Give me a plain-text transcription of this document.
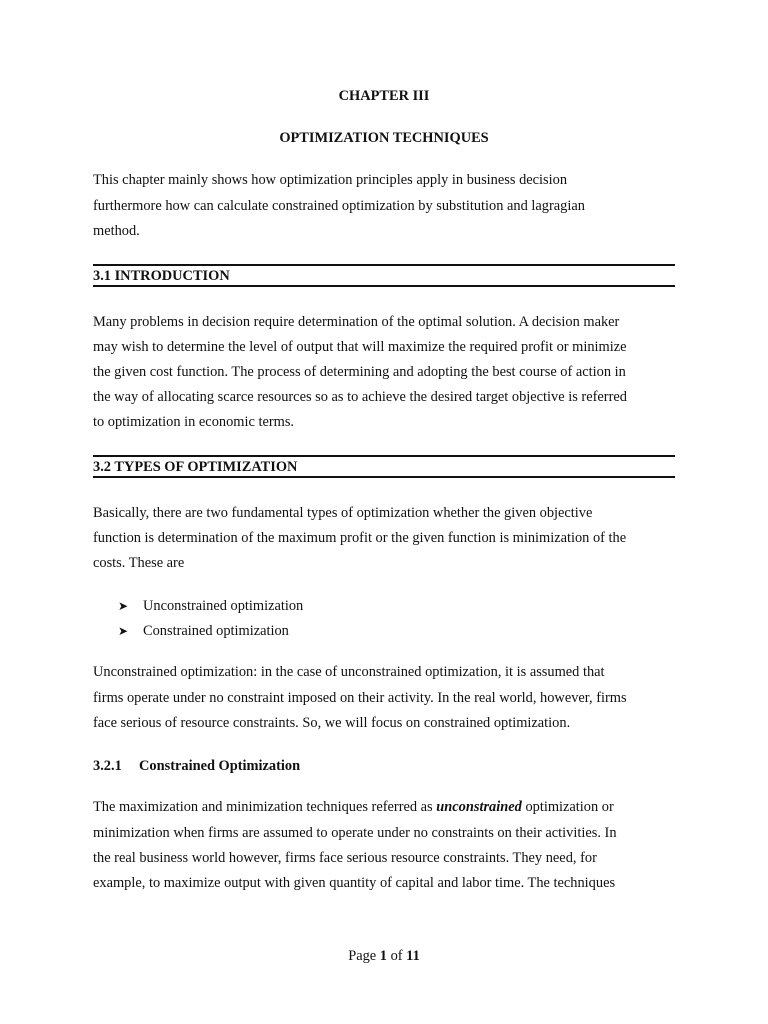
CHAPTER III
OPTIMIZATION TECHNIQUES
This chapter mainly shows how optimization principles apply in business decision
furthermore how can calculate constrained optimization by substitution and lagragian
method.
3.1 INTRODUCTION
Many problems in decision require determination of the optimal solution. A decision maker
may wish to determine the level of output that will maximize the required profit or minimize
the given cost function. The process of determining and adopting the best course of action in
the way of allocating scarce resources so as to achieve the desired target objective is referred
to optimization in economic terms.
3.2 TYPES OF OPTIMIZATION
Basically, there are two fundamental types of optimization whether the given objective
function is determination of the maximum profit or the given function is minimization of the
costs. These are
➤ Unconstrained optimization
➤ Constrained optimization
Unconstrained optimization: in the case of unconstrained optimization, it is assumed that
firms operate under no constraint imposed on their activity. In the real world, however, firms
face serious of resource constraints. So, we will focus on constrained optimization.
3.2.1 Constrained Optimization
The maximization and minimization techniques referred as unconstrained optimization or
minimization when firms are assumed to operate under no constraints on their activities. In
the real business world however, firms face serious resource constraints. They need, for
example, to maximize output with given quantity of capital and labor time. The techniques
Page 1 of 11
